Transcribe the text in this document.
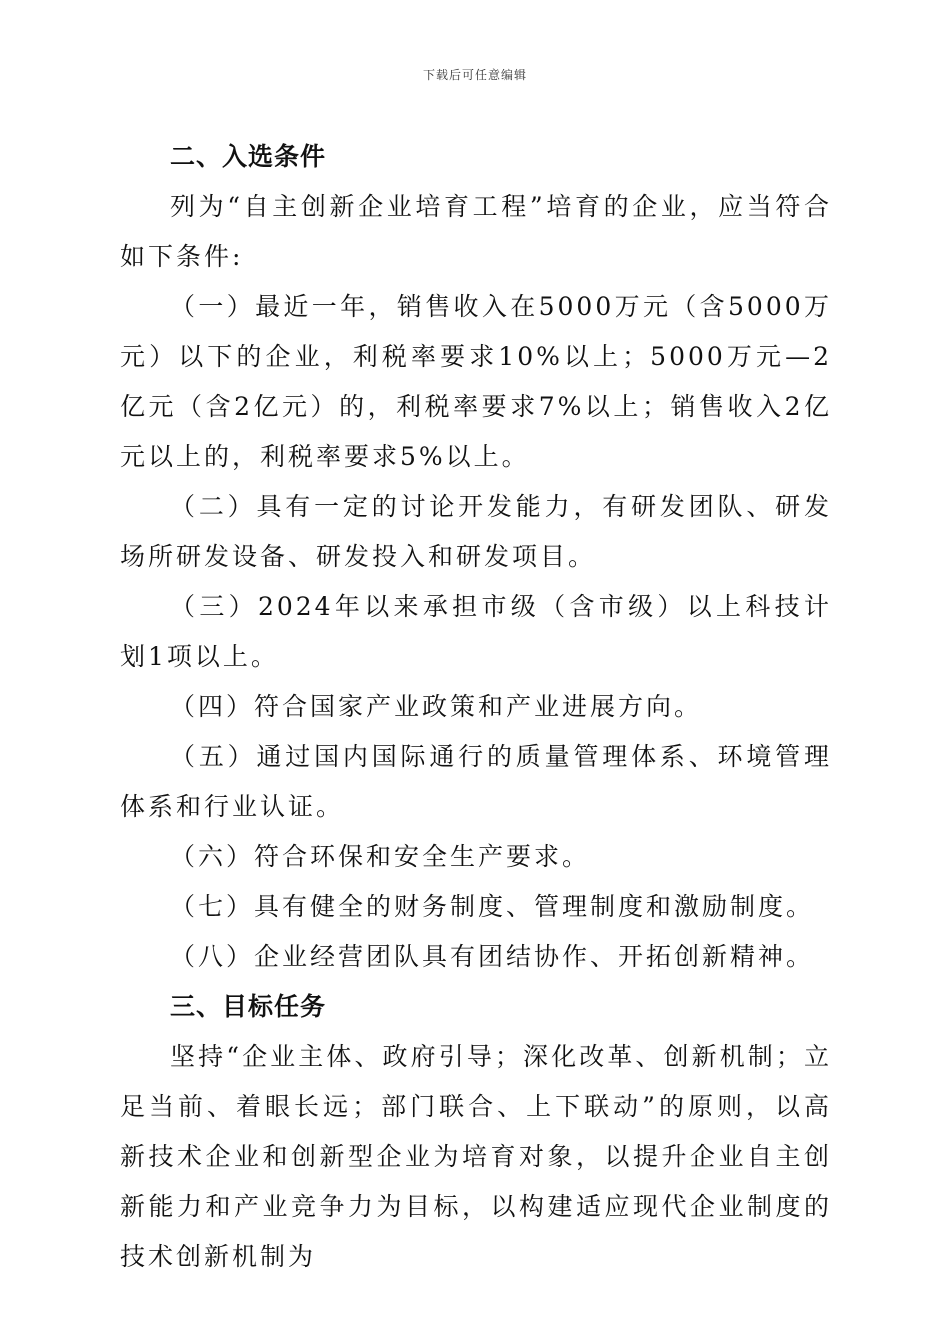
下载后可任意编辑
二、入选条件

列为“自主创新企业培育工程”培育的企业，应当符合如下条件:

（一）最近一年，销售收入在5000万元（含5000万元）以下的企业，利税率要求10%以上；5000万元—2亿元（含2亿元）的，利税率要求7%以上；销售收入2亿元以上的，利税率要求5%以上。

（二）具有一定的讨论开发能力，有研发团队、研发场所研发设备、研发投入和研发项目。

（三）2024年以来承担市级（含市级）以上科技计划1项以上。

（四）符合国家产业政策和产业进展方向。

（五）通过国内国际通行的质量管理体系、环境管理体系和行业认证。

（六）符合环保和安全生产要求。

（七）具有健全的财务制度、管理制度和激励制度。

（八）企业经营团队具有团结协作、开拓创新精神。

三、目标任务

坚持“企业主体、政府引导；深化改革、创新机制；立足当前、着眼长远；部门联合、上下联动”的原则，以高新技术企业和创新型企业为培育对象，以提升企业自主创新能力和产业竞争力为目标，以构建适应现代企业制度的技术创新机制为
